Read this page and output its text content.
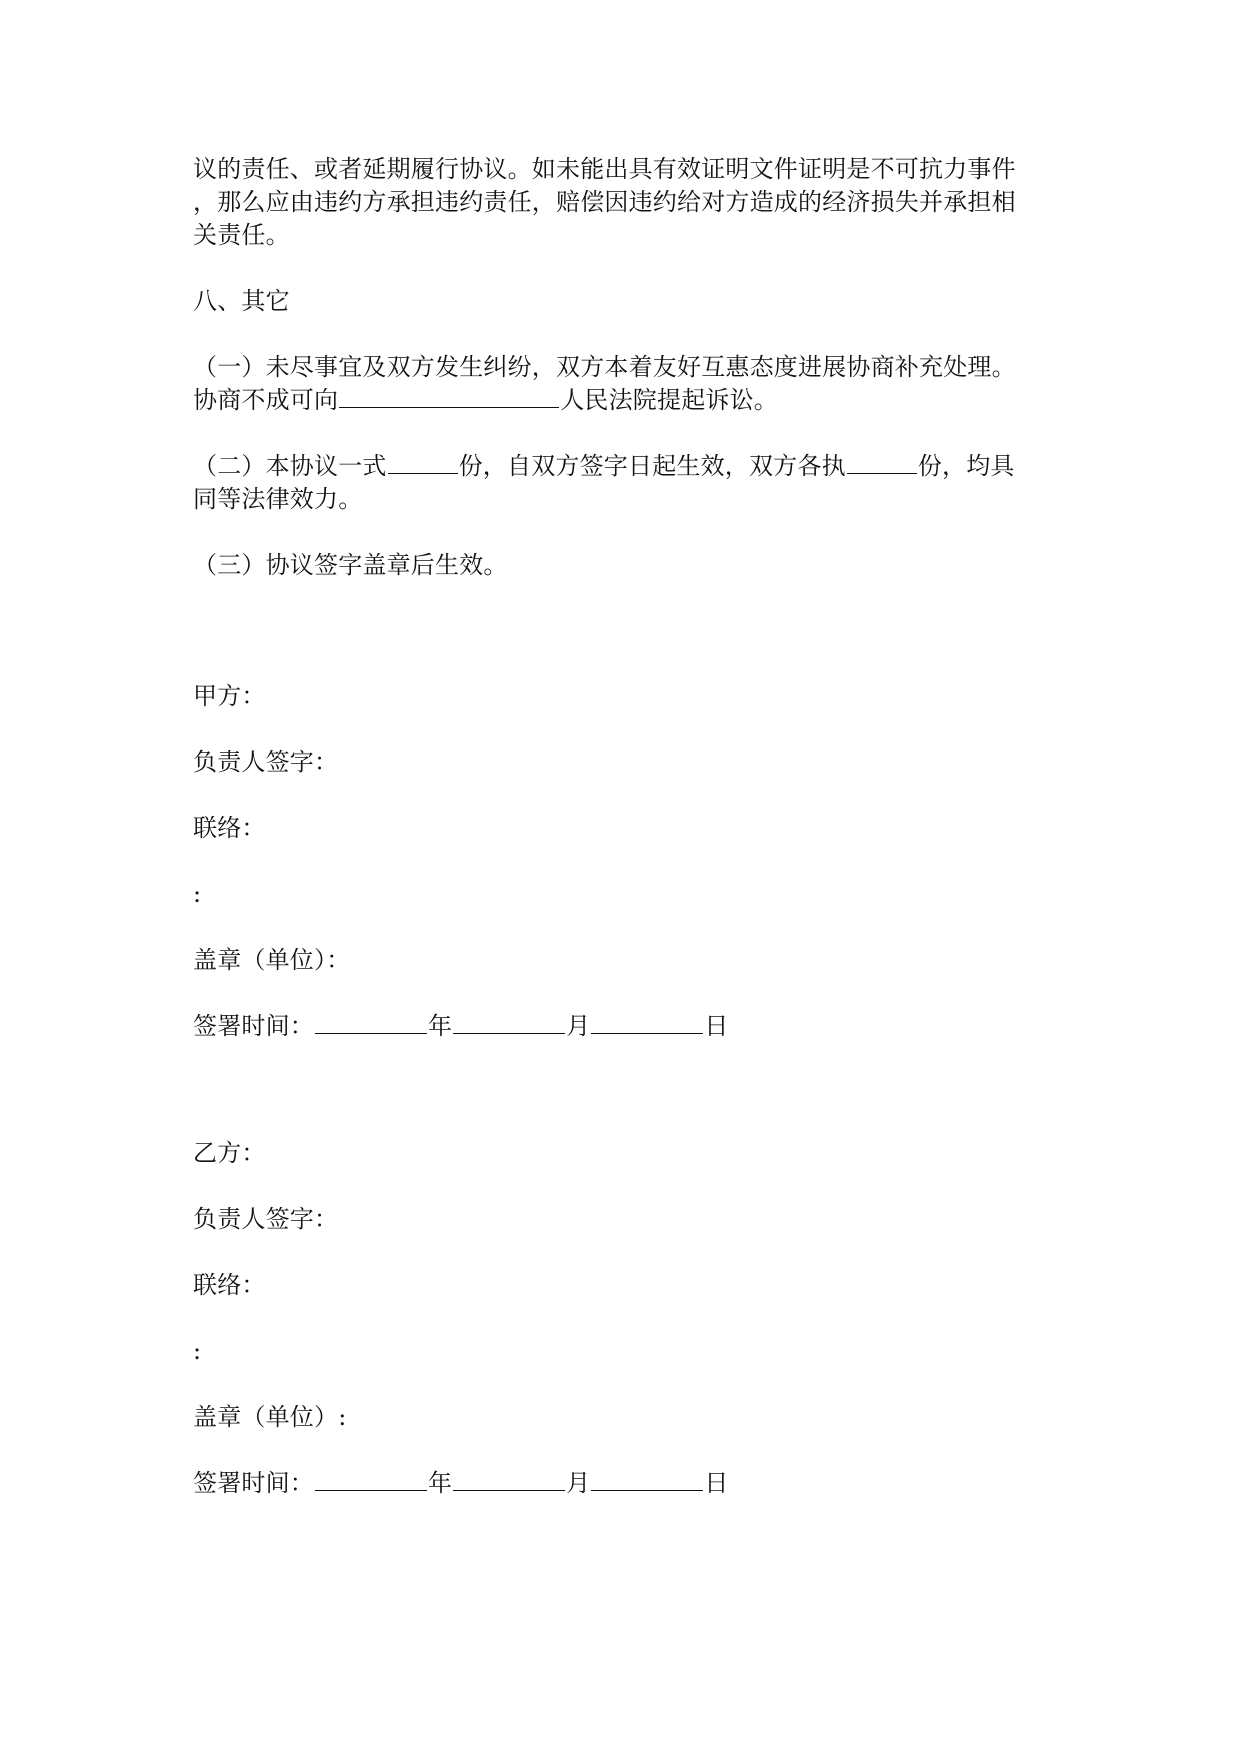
议的责任、或者延期履行协议。如未能出具有效证明文件证明是不可抗力事件
，那么应由违约方承担违约责任，赔偿因违约给对方造成的经济损失并承担相
关责任。
八、其它
（一）未尽事宜及双方发生纠纷，双方本着友好互惠态度进展协商补充处理。
协商不成可向	人民法院提起诉讼。
（二）本协议一式	份，自双方签字日起生效，双方各执	份，均具
同等法律效力。
（三）协议签字盖章后生效。
甲方：
负责人签字：
联络：
:
盖章（单位）：
签署时间：	年	月	日
乙方：
负责人签字：
联络：
:
盖章（单位）:
签署时间：	年	月	日
